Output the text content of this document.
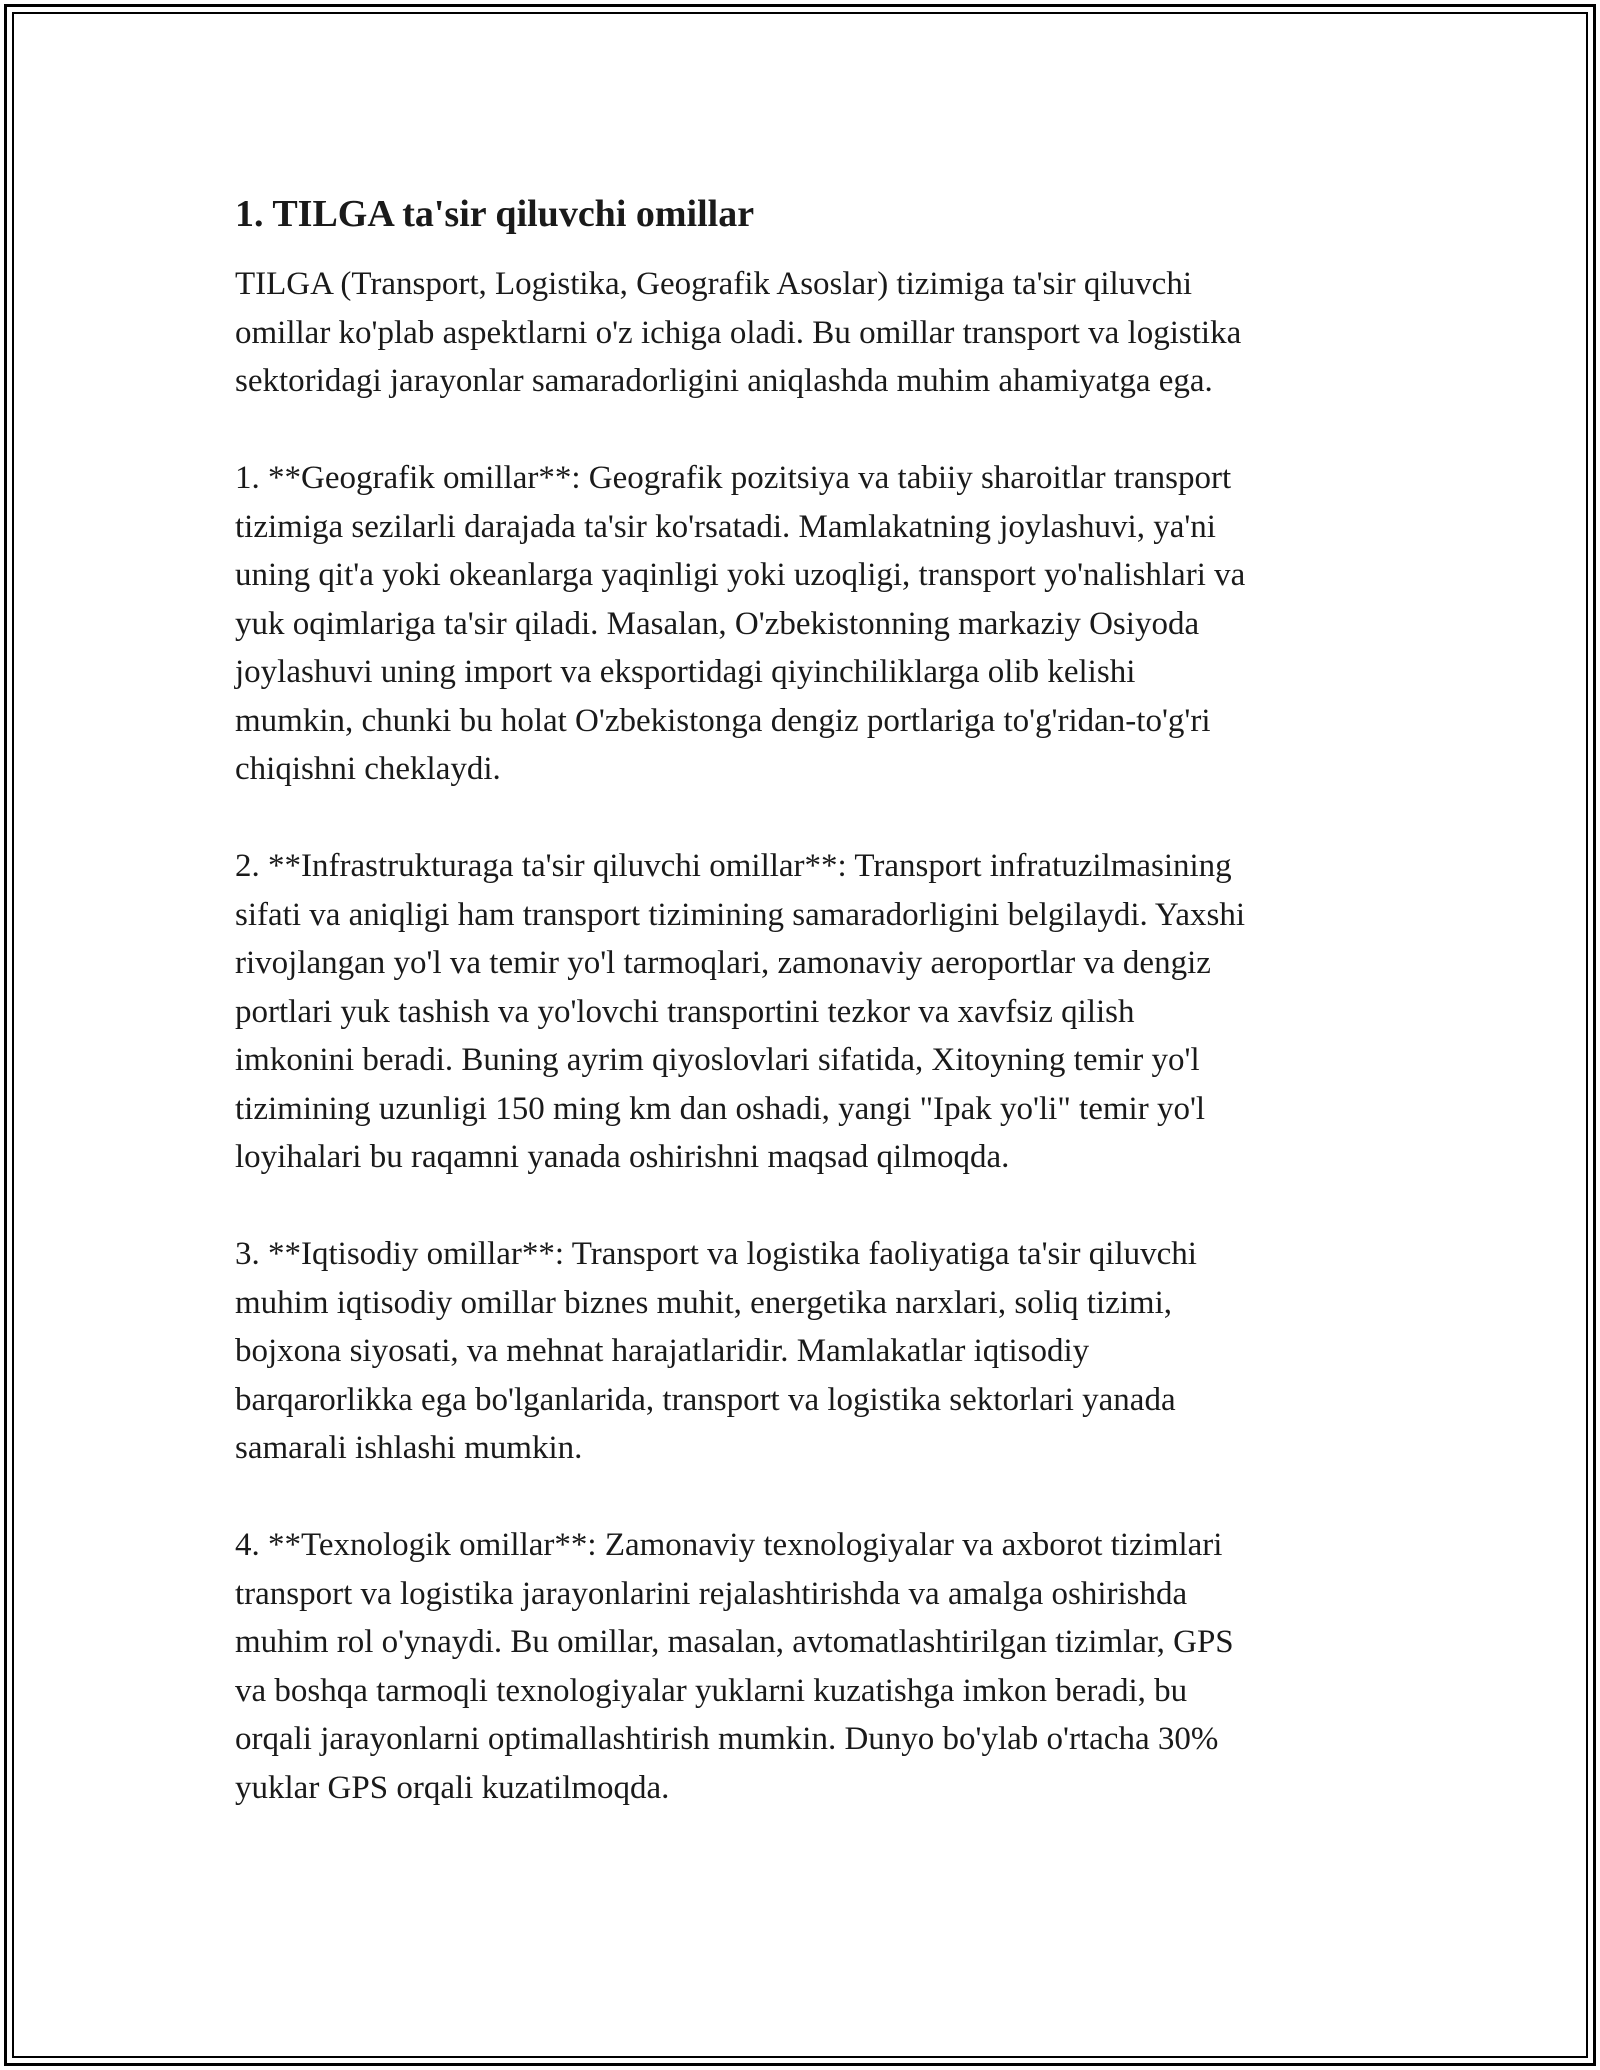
1. TILGA ta'sir qiluvchi omillar

TILGA (Transport, Logistika, Geografik Asoslar) tizimiga ta'sir qiluvchi
omillar ko'plab aspektlarni o'z ichiga oladi. Bu omillar transport va logistika
sektoridagi jarayonlar samaradorligini aniqlashda muhim ahamiyatga ega.

1. **Geografik omillar**: Geografik pozitsiya va tabiiy sharoitlar transport
tizimiga sezilarli darajada ta'sir ko'rsatadi. Mamlakatning joylashuvi, ya'ni
uning qit'a yoki okeanlarga yaqinligi yoki uzoqligi, transport yo'nalishlari va
yuk oqimlariga ta'sir qiladi. Masalan, O'zbekistonning markaziy Osiyoda
joylashuvi uning import va eksportidagi qiyinchiliklarga olib kelishi
mumkin, chunki bu holat O'zbekistonga dengiz portlariga to'g'ridan-to'g'ri
chiqishni cheklaydi.

2. **Infrastrukturaga ta'sir qiluvchi omillar**: Transport infratuzilmasining
sifati va aniqligi ham transport tizimining samaradorligini belgilaydi. Yaxshi
rivojlangan yo'l va temir yo'l tarmoqlari, zamonaviy aeroportlar va dengiz
portlari yuk tashish va yo'lovchi transportini tezkor va xavfsiz qilish
imkonini beradi. Buning ayrim qiyoslovlari sifatida, Xitoyning temir yo'l
tizimining uzunligi 150 ming km dan oshadi, yangi "Ipak yo'li" temir yo'l
loyihalari bu raqamni yanada oshirishni maqsad qilmoqda.

3. **Iqtisodiy omillar**: Transport va logistika faoliyatiga ta'sir qiluvchi
muhim iqtisodiy omillar biznes muhit, energetika narxlari, soliq tizimi,
bojxona siyosati, va mehnat harajatlaridir. Mamlakatlar iqtisodiy
barqarorlikka ega bo'lganlarida, transport va logistika sektorlari yanada
samarali ishlashi mumkin.

4. **Texnologik omillar**: Zamonaviy texnologiyalar va axborot tizimlari
transport va logistika jarayonlarini rejalashtirishda va amalga oshirishda
muhim rol o'ynaydi. Bu omillar, masalan, avtomatlashtirilgan tizimlar, GPS
va boshqa tarmoqli texnologiyalar yuklarni kuzatishga imkon beradi, bu
orqali jarayonlarni optimallashtirish mumkin. Dunyo bo'ylab o'rtacha 30%
yuklar GPS orqali kuzatilmoqda.
